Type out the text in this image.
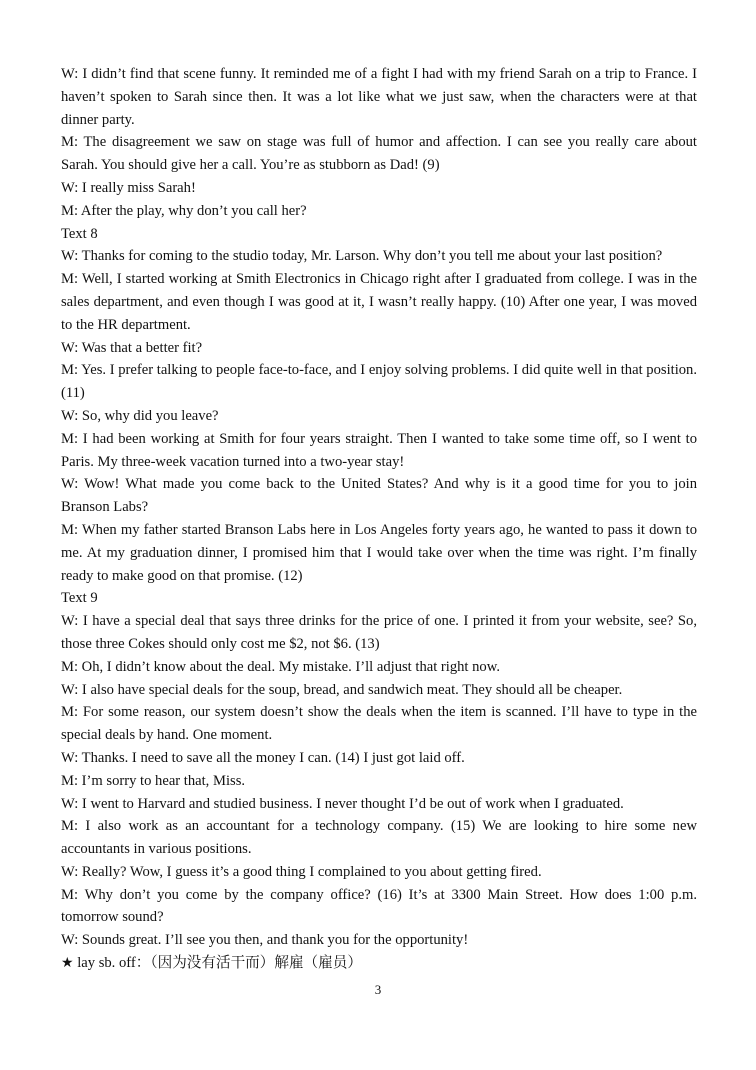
W: I didn’t find that scene funny. It reminded me of a fight I had with my friend Sarah on a trip to France. I haven’t spoken to Sarah since then. It was a lot like what we just saw, when the characters were at that dinner party.

M: The disagreement we saw on stage was full of humor and affection. I can see you really care about Sarah. You should give her a call. You’re as stubborn as Dad! (9)

W: I really miss Sarah!

M: After the play, why don’t you call her?

Text 8

W: Thanks for coming to the studio today, Mr. Larson. Why don’t you tell me about your last position?

M: Well, I started working at Smith Electronics in Chicago right after I graduated from college. I was in the sales department, and even though I was good at it, I wasn’t really happy. (10) After one year, I was moved to the HR department.

W: Was that a better fit?

M: Yes. I prefer talking to people face-to-face, and I enjoy solving problems. I did quite well in that position. (11)

W: So, why did you leave?

M: I had been working at Smith for four years straight. Then I wanted to take some time off, so I went to Paris. My three-week vacation turned into a two-year stay!

W: Wow! What made you come back to the United States? And why is it a good time for you to join Branson Labs?

M: When my father started Branson Labs here in Los Angeles forty years ago, he wanted to pass it down to me. At my graduation dinner, I promised him that I would take over when the time was right. I’m finally ready to make good on that promise. (12)

Text 9

W: I have a special deal that says three drinks for the price of one. I printed it from your website, see? So, those three Cokes should only cost me $2, not $6. (13)

M: Oh, I didn’t know about the deal. My mistake. I’ll adjust that right now.

W: I also have special deals for the soup, bread, and sandwich meat. They should all be cheaper.

M: For some reason, our system doesn’t show the deals when the item is scanned. I’ll have to type in the special deals by hand. One moment.

W: Thanks. I need to save all the money I can. (14) I just got laid off.

M: I’m sorry to hear that, Miss.

W: I went to Harvard and studied business. I never thought I’d be out of work when I graduated.

M: I also work as an accountant for a technology company. (15) We are looking to hire some new accountants in various positions.

W: Really? Wow, I guess it’s a good thing I complained to you about getting fired.

M: Why don’t you come by the company office? (16) It’s at 3300 Main Street. How does 1:00 p.m. tomorrow sound?

W: Sounds great. I’ll see you then, and thank you for the opportunity!

★ lay sb. off：（因为没有活干而）解雇（雇员）

3
